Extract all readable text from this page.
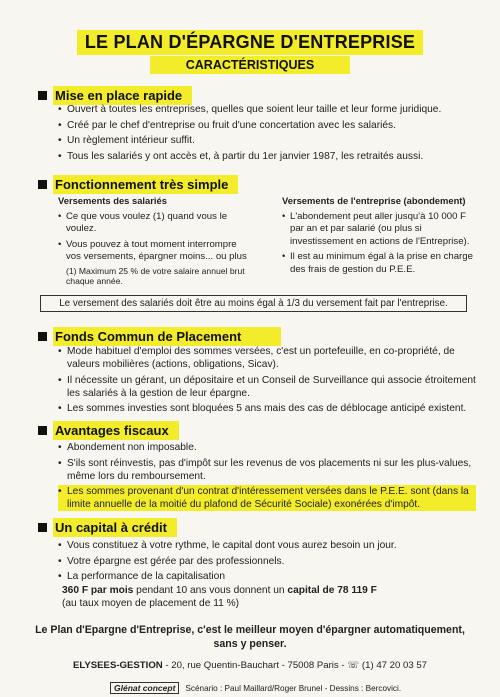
LE PLAN D'ÉPARGNE D'ENTREPRISE
CARACTÉRISTIQUES
Mise en place rapide
• Ouvert à toutes les entreprises, quelles que soient leur taille et leur forme juridique.
• Créé par le chef d'entreprise ou fruit d'une concertation avec les salariés.
• Un règlement intérieur suffit.
• Tous les salariés y ont accès et, à partir du 1er janvier 1987, les retraités aussi.
Fonctionnement très simple
Versements des salariés
• Ce que vous voulez (1) quand vous le voulez.
• Vous pouvez à tout moment interrompre vos versements, épargner moins... ou plus
(1) Maximum 25 % de votre salaire annuel brut chaque année.
Versements de l'entreprise (abondement)
• L'abondement peut aller jusqu'à 10 000 F par an et par salarié (ou plus si investissement en actions de l'Entreprise).
• Il est au minimum égal à la prise en charge des frais de gestion du P.E.E.
Le versement des salariés doit être au moins égal à 1/3 du versement fait par l'entreprise.
Fonds Commun de Placement
• Mode habituel d'emploi des sommes versées, c'est un portefeuille, en co-propriété, de valeurs mobilières (actions, obligations, Sicav).
• Il nécessite un gérant, un dépositaire et un Conseil de Surveillance qui associe étroitement les salariés à la gestion de leur épargne.
• Les sommes investies sont bloquées 5 ans mais des cas de déblocage anticipé existent.
Avantages fiscaux
• Abondement non imposable.
• S'ils sont réinvestis, pas d'impôt sur les revenus de vos placements ni sur les plus-values, même lors du remboursement.
• Les sommes provenant d'un contrat d'intéressement versées dans le P.E.E. sont (dans la limite annuelle de la moitié du plafond de Sécurité Sociale) exonérées d'impôt.
Un capital à crédit
• Vous constituez à votre rythme, le capital dont vous aurez besoin un jour.
• Votre épargne est gérée par des professionnels.
• La performance de la capitalisation
360 F par mois pendant 10 ans vous donnent un capital de 78 119 F
(au taux moyen de placement de 11 %)
Le Plan d'Epargne d'Entreprise, c'est le meilleur moyen d'épargner automatiquement,
sans y penser.
ELYSEES-GESTION - 20, rue Quentin-Bauchart - 75008 Paris - ☏ (1) 47 20 03 57
Glénat concept	Scénario : Paul Maillard/Roger Brunel - Dessins : Bercovici.
